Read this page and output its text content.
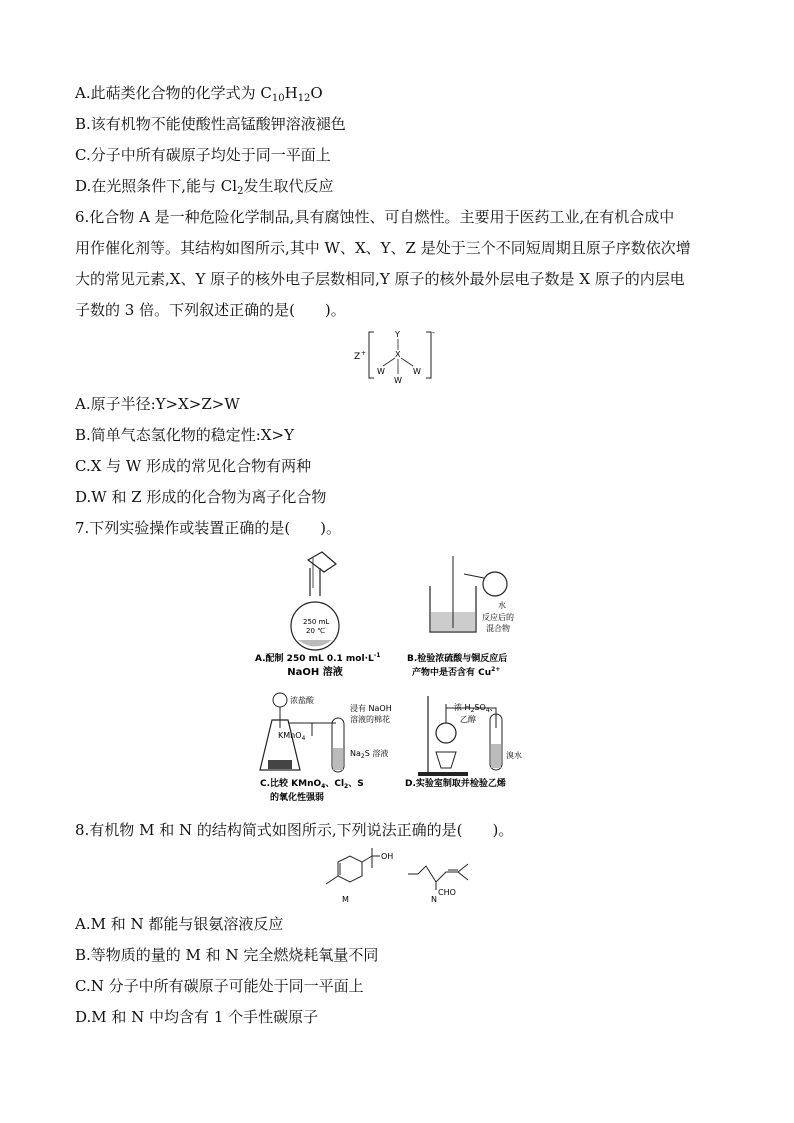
A.此萜类化合物的化学式为 $C_{10}H_{12}O$
B.该有机物不能使酸性高锰酸钾溶液褪色
C.分子中所有碳原子均处于同一平面上
D.在光照条件下,能与 $Cl_2$发生取代反应
6.化合物 A 是一种危险化学制品,具有腐蚀性、可自燃性。主要用于医药工业,在有机合成中
用作催化剂等。其结构如图所示,其中 W、X、Y、Z 是处于三个不同短周期且原子序数依次增
大的常见元素,X、Y 原子的核外电子层数相同,Y 原子的核外最外层电子数是 X 原子的内层电
子数的 3 倍。下列叙述正确的是(　　)。
Z +
-
Y
X
W	W
W
A.原子半径:Y>X>Z>W
B.简单气态氢化物的稳定性:X>Y
C.X 与 W 形成的常见化合物有两种
D.W 和 Z 形成的化合物为离子化合物
7.下列实验操作或装置正确的是(　　)。
250 mL
20 ℃
A.配制 250 mL 0.1 $mol\cdot L^{-1}$
NaOH 溶液
水
反应后的
混合物
B.检验浓硫酸与铜反应后
产物中是否含有 $Cu^{2+}$
浓盐酸
KMnO$_4$
浸有 NaOH
溶液的棉花
$Na_2S$ 溶液
C.比较 KMnO$_4$、$Cl_2$、S
的氧化性强弱
浓 $H_2SO_4$、
乙醇
溴水
D.实验室制取并检验乙烯
8.有机物 M 和 N 的结构简式如图所示,下列说法正确的是(　　)。
OH
M
CHO
N
A.M 和 N 都能与银氨溶液反应
B.等物质的量的 M 和 N 完全燃烧耗氧量不同
C.N 分子中所有碳原子可能处于同一平面上
D.M 和 N 中均含有 1 个手性碳原子
